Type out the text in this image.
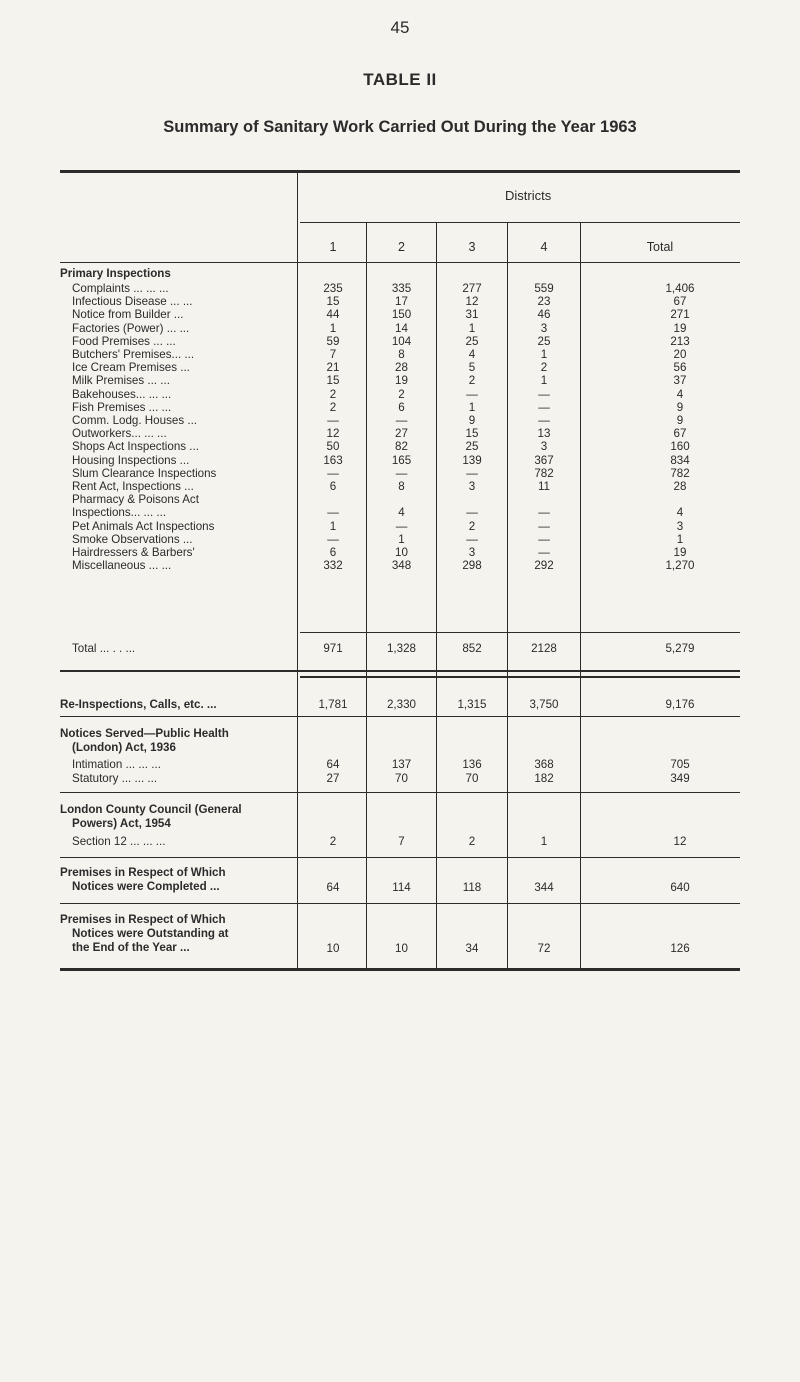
45
TABLE II
Summary of Sanitary Work Carried Out During the Year 1963
Districts
1	2	3	4	Total
Primary Inspections
Complaints ... ... ...	235	335	277	559	1,406
Infectious Disease ... ...	15	17	12	23	67
Notice from Builder ...	44	150	31	46	271
Factories (Power) ... ...	1	14	1	3	19
Food Premises ... ...	59	104	25	25	213
Butchers' Premises... ...	7	8	4	1	20
Ice Cream Premises ...	21	28	5	2	56
Milk Premises ... ...	15	19	2	1	37
Bakehouses... ... ...	2	2	—	—	4
Fish Premises ... ...	2	6	1	—	9
Comm. Lodg. Houses ...	—	—	9	—	9
Outworkers... ... ...	12	27	15	13	67
Shops Act Inspections ...	50	82	25	3	160
Housing Inspections ...	163	165	139	367	834
Slum Clearance Inspections	—	—	—	782	782
Rent Act, Inspections ...	6	8	3	11	28
Pharmacy & Poisons Act
Inspections... ... ...	—	4	—	—	4
Pet Animals Act Inspections	1	—	2	—	3
Smoke Observations ...	—	1	—	—	1
Hairdressers & Barbers'	6	10	3	—	19
Miscellaneous ... ...	332	348	298	292	1,270
Total ... . . ...	971	1,328	852	2128	5,279
Re-Inspections, Calls, etc. ...	1,781	2,330	1,315	3,750	9,176
Notices Served—Public Health
(London) Act, 1936
Intimation ... ... ...	64	137	136	368	705
Statutory ... ... ...	27	70	70	182	349
London County Council (General
Powers) Act, 1954
Section 12 ... ... ...	2	7	2	1	12
Premises in Respect of Which
Notices were Completed ...	64	114	118	344	640
Premises in Respect of Which
Notices were Outstanding at
the End of the Year ...	10	10	34	72	126
